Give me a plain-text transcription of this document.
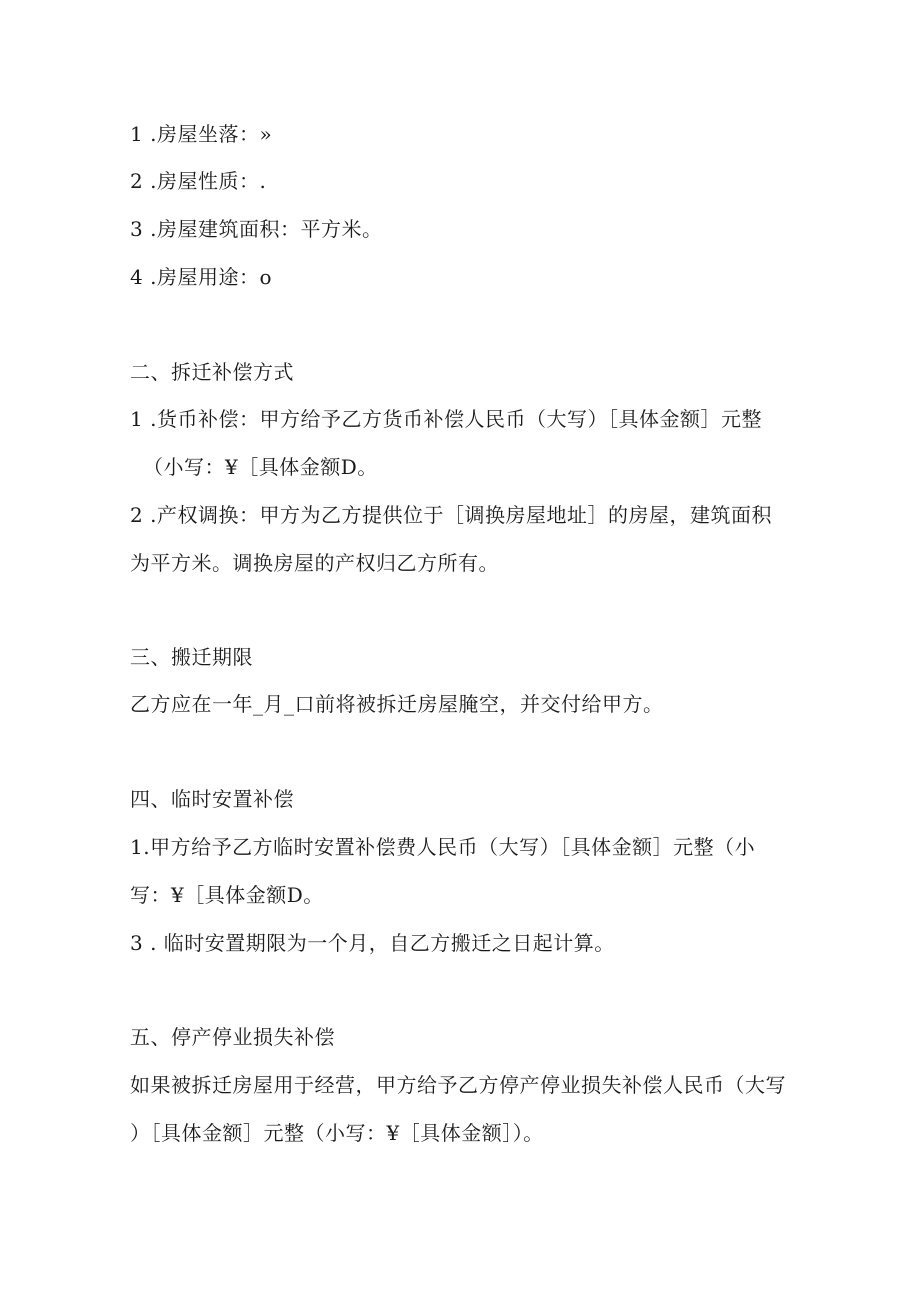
1 .房屋坐落：»
2 .房屋性质：.
3 .房屋建筑面积：平方米。
4 .房屋用途：o
二、拆迁补偿方式
1 .货币补偿：甲方给予乙方货币补偿人民币（大写）［具体金额］元整
（小写：¥［具体金额D。
2 .产权调换：甲方为乙方提供位于［调换房屋地址］的房屋，建筑面积
为平方米。调换房屋的产权归乙方所有。
三、搬迁期限
乙方应在一年_月_口前将被拆迁房屋腌空，并交付给甲方。
四、临时安置补偿
1.甲方给予乙方临时安置补偿费人民币（大写）［具体金额］元整（小
写：¥［具体金额D。
3 . 临时安置期限为一个月，自乙方搬迁之日起计算。
五、停产停业损失补偿
如果被拆迁房屋用于经营，甲方给予乙方停产停业损失补偿人民币（大写
）［具体金额］元整（小写：¥［具体金额］）。
